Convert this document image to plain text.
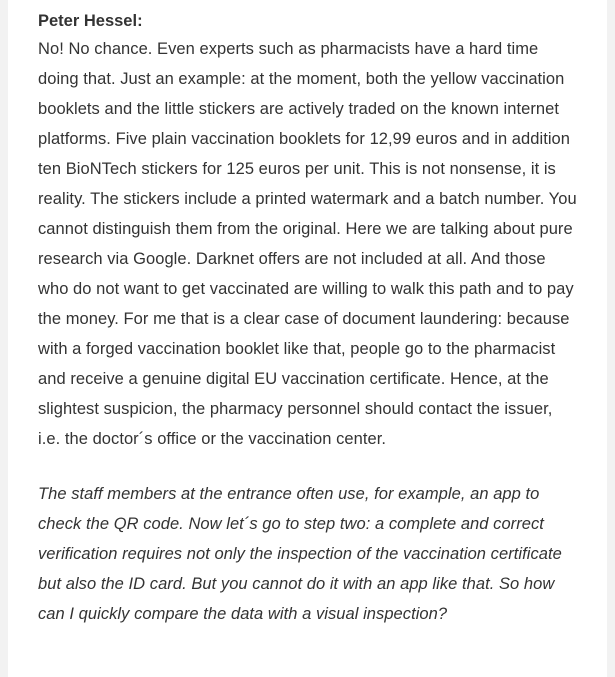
Peter Hessel:

No! No chance. Even experts such as pharmacists have a hard time doing that. Just an example: at the moment, both the yellow vaccination booklets and the little stickers are actively traded on the known internet platforms. Five plain vaccination booklets for 12,99 euros and in addition ten BioNTech stickers for 125 euros per unit. This is not nonsense, it is reality. The stickers include a printed watermark and a batch number. You cannot distinguish them from the original. Here we are talking about pure research via Google. Darknet offers are not included at all. And those who do not want to get vaccinated are willing to walk this path and to pay the money. For me that is a clear case of document laundering: because with a forged vaccination booklet like that, people go to the pharmacist and receive a genuine digital EU vaccination certificate. Hence, at the slightest suspicion, the pharmacy personnel should contact the issuer, i.e. the doctor´s office or the vaccination center.

The staff members at the entrance often use, for example, an app to check the QR code. Now let´s go to step two: a complete and correct verification requires not only the inspection of the vaccination certificate but also the ID card. But you cannot do it with an app like that. So how can I quickly compare the data with a visual inspection?
